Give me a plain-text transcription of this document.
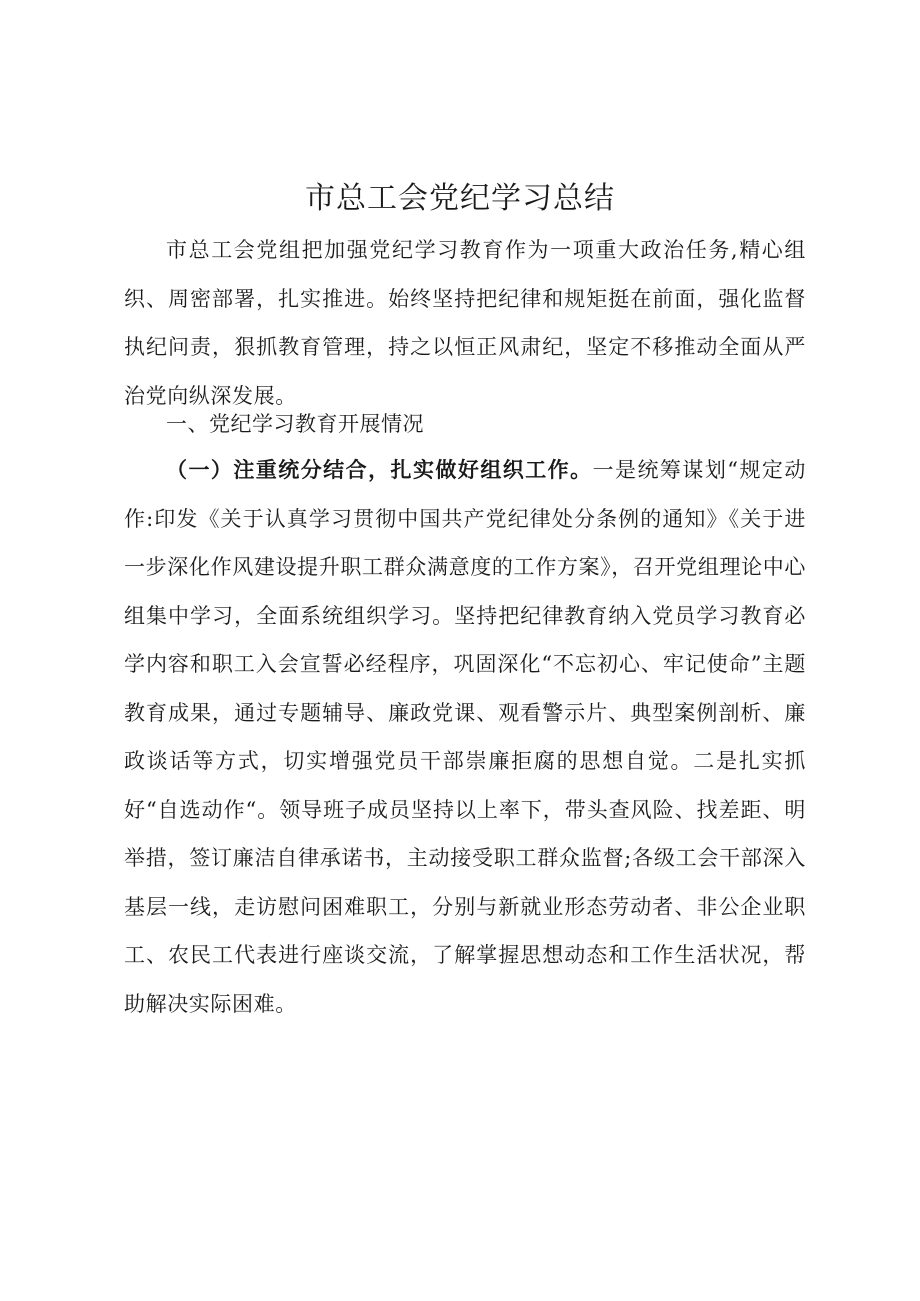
市总工会党纪学习总结

市总工会党组把加强党纪学习教育作为一项重大政治任务,精心组织、周密部署，扎实推进。始终坚持把纪律和规矩挺在前面，强化监督执纪问责，狠抓教育管理，持之以恒正风肃纪，坚定不移推动全面从严治党向纵深发展。

一、党纪学习教育开展情况

（一）注重统分结合，扎实做好组织工作。一是统筹谋划“规定动作:印发《关于认真学习贯彻中国共产党纪律处分条例的通知》《关于进一步深化作风建设提升职工群众满意度的工作方案》，召开党组理论中心组集中学习，全面系统组织学习。坚持把纪律教育纳入党员学习教育必学内容和职工入会宣誓必经程序，巩固深化“不忘初心、牢记使命”主题教育成果，通过专题辅导、廉政党课、观看警示片、典型案例剖析、廉政谈话等方式，切实增强党员干部崇廉拒腐的思想自觉。二是扎实抓好“自选动作“。领导班子成员坚持以上率下，带头查风险、找差距、明举措，签订廉洁自律承诺书，主动接受职工群众监督;各级工会干部深入基层一线，走访慰问困难职工，分别与新就业形态劳动者、非公企业职工、农民工代表进行座谈交流，了解掌握思想动态和工作生活状况，帮助解决实际困难。
